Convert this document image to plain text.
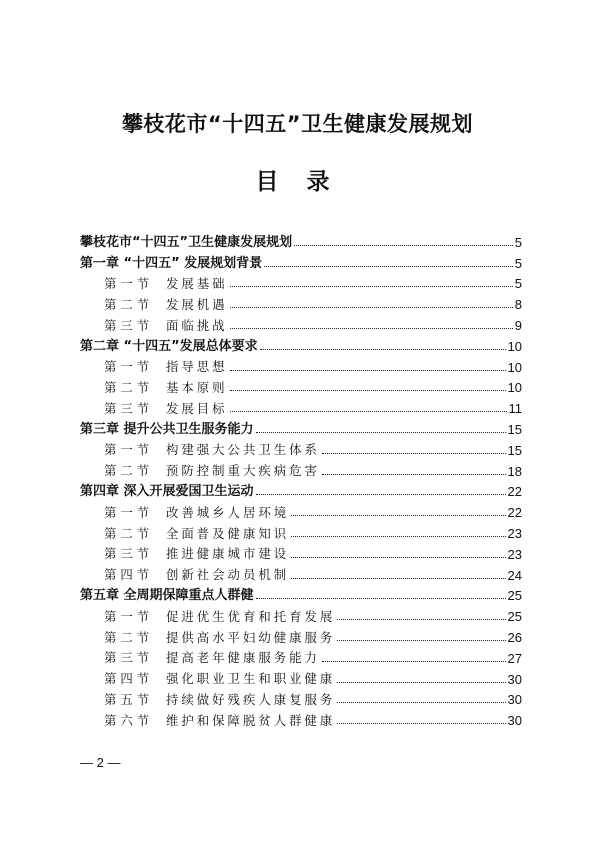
攀枝花市“十四五”卫生健康发展规划
目 录
攀枝花市“十四五”卫生健康发展规划	5
第一章 “十四五” 发展规划背景	5
第一节 发展基础	5
第二节 发展机遇	8
第三节 面临挑战	9
第二章 “十四五”发展总体要求	10
第一节 指导思想	10
第二节 基本原则	10
第三节 发展目标	11
第三章 提升公共卫生服务能力	15
第一节 构建强大公共卫生体系	15
第二节 预防控制重大疾病危害	18
第四章 深入开展爱国卫生运动	22
第一节 改善城乡人居环境	22
第二节 全面普及健康知识	23
第三节 推进健康城市建设	23
第四节 创新社会动员机制	24
第五章 全周期保障重点人群健	25
第一节 促进优生优育和托育发展	25
第二节 提供高水平妇幼健康服务	26
第三节 提高老年健康服务能力	27
第四节 强化职业卫生和职业健康	30
第五节 持续做好残疾人康复服务	30
第六节 维护和保障脱贫人群健康	30
— 2 —
